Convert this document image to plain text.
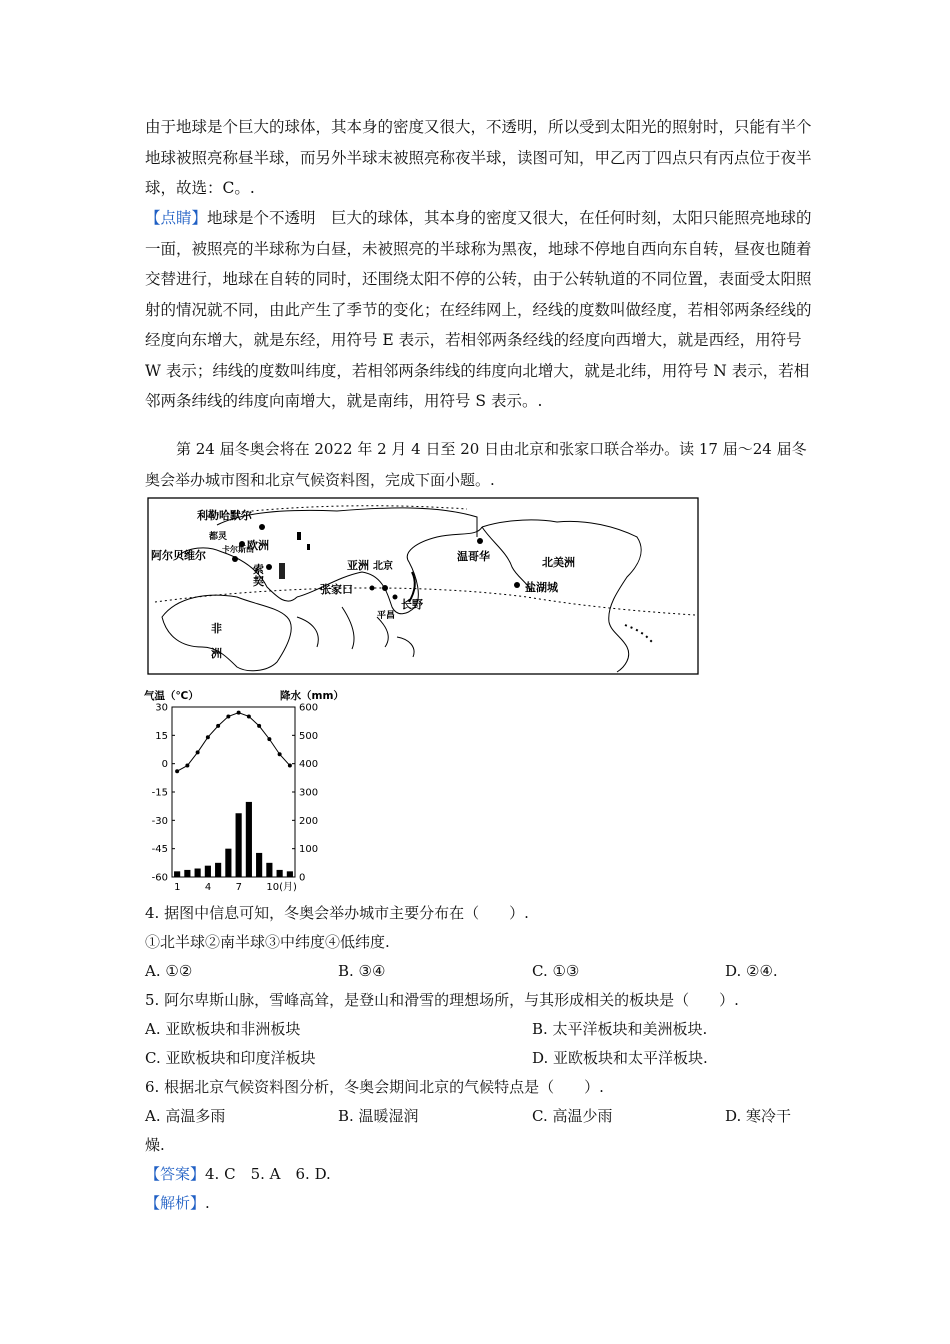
由于地球是个巨大的球体，其本身的密度又很大，不透明，所以受到太阳光的照射时，只能有半个地球被照亮称昼半球，而另外半球末被照亮称夜半球，读图可知，甲乙丙丁四点只有丙点位于夜半球，故选：C。.

【点睛】地球是个不透明　巨大的球体，其本身的密度又很大，在任何时刻，太阳只能照亮地球的一面，被照亮的半球称为白昼，未被照亮的半球称为黑夜，地球不停地自西向东自转，昼夜也随着交替进行，地球在自转的同时，还围绕太阳不停的公转，由于公转轨道的不同位置，表面受太阳照射的情况就不同，由此产生了季节的变化；在经纬网上，经线的度数叫做经度，若相邻两条经线的经度向东增大，就是东经，用符号 E 表示，若相邻两条经线的经度向西增大，就是西经，用符号 W 表示；纬线的度数叫纬度，若相邻两条纬线的纬度向北增大，就是北纬，用符号 N 表示，若相邻两条纬线的纬度向南增大，就是南纬，用符号 S 表示。.

第 24 届冬奥会将在 2022 年 2 月 4 日至 20 日由北京和张家口联合举办。读 17 届～24 届冬奥会举办城市图和北京气候资料图，完成下面小题。.

利勒哈默尔
都灵
阿尔贝维尔 卡尔斯山
欧洲
索
契
亚洲 北京
张家口
长野
平昌
温哥华	北美洲
盐湖城
非
洲
气温（℃）	降水（mm）
30
15
0
-15
-30
-45
-60
600
500
400
300
200
100
0
1 4 7 10(月)
4. 据图中信息可知，冬奥会举办城市主要分布在（　　）.
①北半球②南半球③中纬度④低纬度.
A. ①②	B. ③④	C. ①③	D. ②④.
5. 阿尔卑斯山脉，雪峰高耸，是登山和滑雪的理想场所，与其形成相关的板块是（　　）.
A. 亚欧板块和非洲板块	B. 太平洋板块和美洲板块.
C. 亚欧板块和印度洋板块	D. 亚欧板块和太平洋板块.
6. 根据北京气候资料图分析，冬奥会期间北京的气候特点是（　　）.
A. 高温多雨	B. 温暖湿润	C. 高温少雨	D. 寒冷干
燥.
【答案】4. C　5. A　6. D.
【解析】.
